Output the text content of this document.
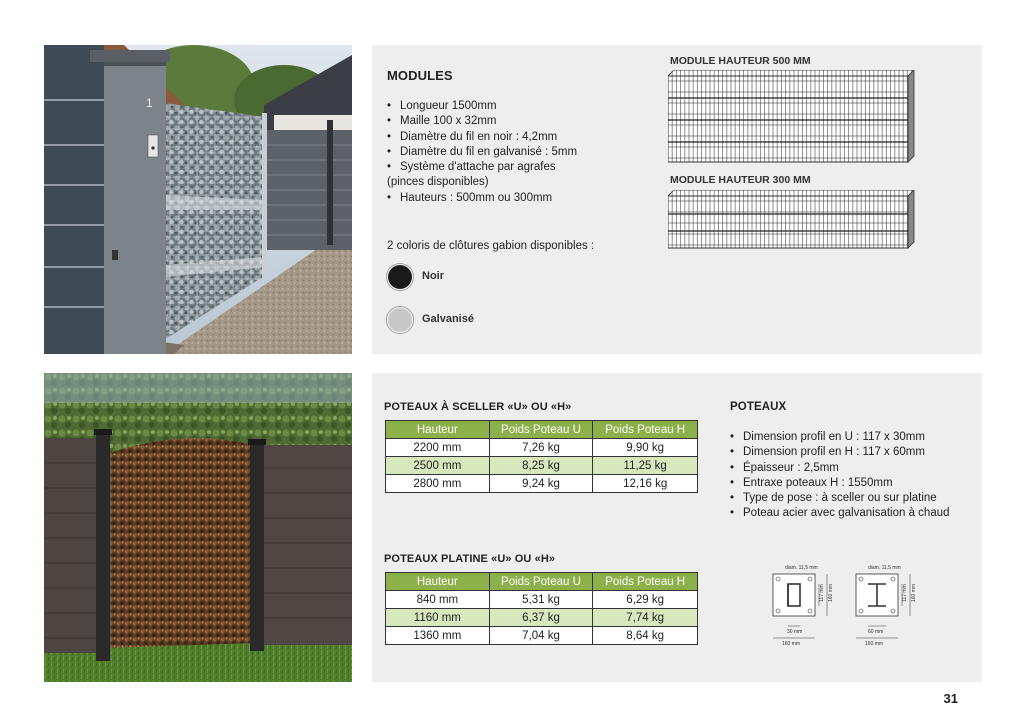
1
MODULES
• Longueur 1500mm
• Maille 100 x 32mm
• Diamètre du fil en noir : 4,2mm
• Diamètre du fil en galvanisé : 5mm
• Système d'attache par agrafes
(pinces disponibles)
• Hauteurs : 500mm ou 300mm
2 coloris de clôtures gabion disponibles :
Noir
Galvanisé
MODULE HAUTEUR 500 MM
MODULE HAUTEUR 300 MM
POTEAUX À SCELLER «U» OU «H»
Hauteur	Poids Poteau U	Poids Poteau H
2200 mm	7,26 kg	9,90 kg
2500 mm	8,25 kg	11,25 kg
2800 mm	9,24 kg	12,16 kg
POTEAUX PLATINE «U» OU «H»
Hauteur	Poids Poteau U	Poids Poteau H
840 mm	5,31 kg	6,29 kg
1160 mm	6,37 kg	7,74 kg
1360 mm	7,04 kg	8,64 kg
POTEAUX
• Dimension profil en U : 117 x 30mm
• Dimension profil en H : 117 x 60mm
• Épaisseur : 2,5mm
• Entraxe poteaux H : 1550mm
• Type de pose : à sceller ou sur platine
• Poteau acier avec galvanisation à chaud
diam. 11,5 mm
117 mm 160 mm
30 mm
160 mm
diam. 11,5 mm
117 mm 160 mm
60 mm
160 mm
31
